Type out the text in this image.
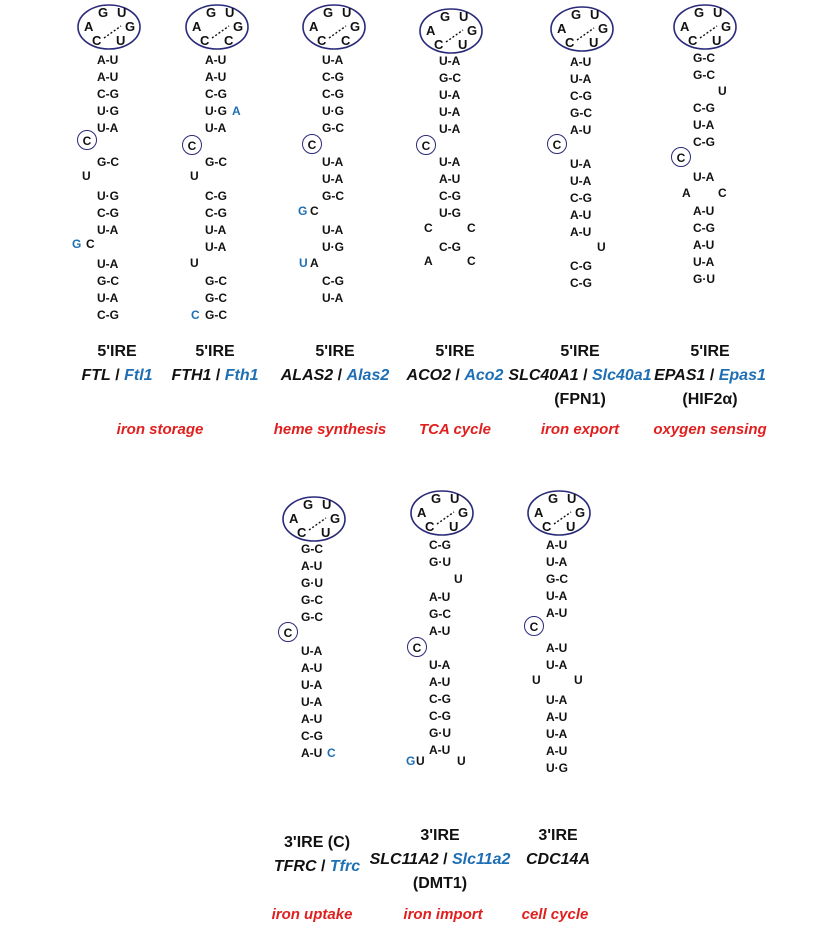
G U
A G
C U
A-U
A-U
C-G
U·G
U-A
C
G-C
U
U·G
C-G
U-A
G C
U-A
G-C
U-A
C-G
G U
A G
C C
A-U
A-U
C-G
U·G A
U-A
C
G-C
U
C-G
C-G
U-A
U-A
U
G-C
G-C
C G-C
G U
A G
C C
U-A
C-G
C-G
U·G
G-C
C
U-A
U-A
G-C
G C
U-A
U·G
U A
C-G
U-A
G U
A G
C U
U-A
G-C
U-A
U-A
U-A
C
U-A
A-U
C-G
U-G
C	C
C-G
A	C
G U
A G
C U
A-U
U-A
C-G
G-C
A-U
C
U-A
U-A
C-G
A-U
A-U
U
C-G
C-G
G U
A G
C U
G-C
G-C
U
C-G
U-A
C-G
C
U-A
A C
A-U
C-G
A-U
U-A
G·U
5'IRE
FTL / Ftl1
5'IRE
FTH1 / Fth1
5'IRE
ALAS2 / Alas2
5'IRE
ACO2 / Aco2
5'IRE
SLC40A1 / Slc40a1
(FPN1)
5'IRE
EPAS1 / Epas1
(HIF2α)
iron storage	heme synthesis	TCA cycle	iron export	oxygen sensing
G U
A G
C U
G-C
A-U
G·U
G-C
G-C
C
U-A
A-U
U-A
U-A
A-U
C-G
A-U C
G U
A G
C U
C-G
G·U
U
A-U
G-C
A-U
C
U-A
A-U
C-G
C-G
G·U
A-U
G U	U
G U
A G
C U
A-U
U-A
G-C
U-A
A-U
C
A-U
U-A
U	U
U-A
A-U
U-A
A-U
U·G
3'IRE (C)
TFRC / Tfrc
3'IRE
SLC11A2 / Slc11a2
(DMT1)
3'IRE
CDC14A
iron uptake	iron import	cell cycle
